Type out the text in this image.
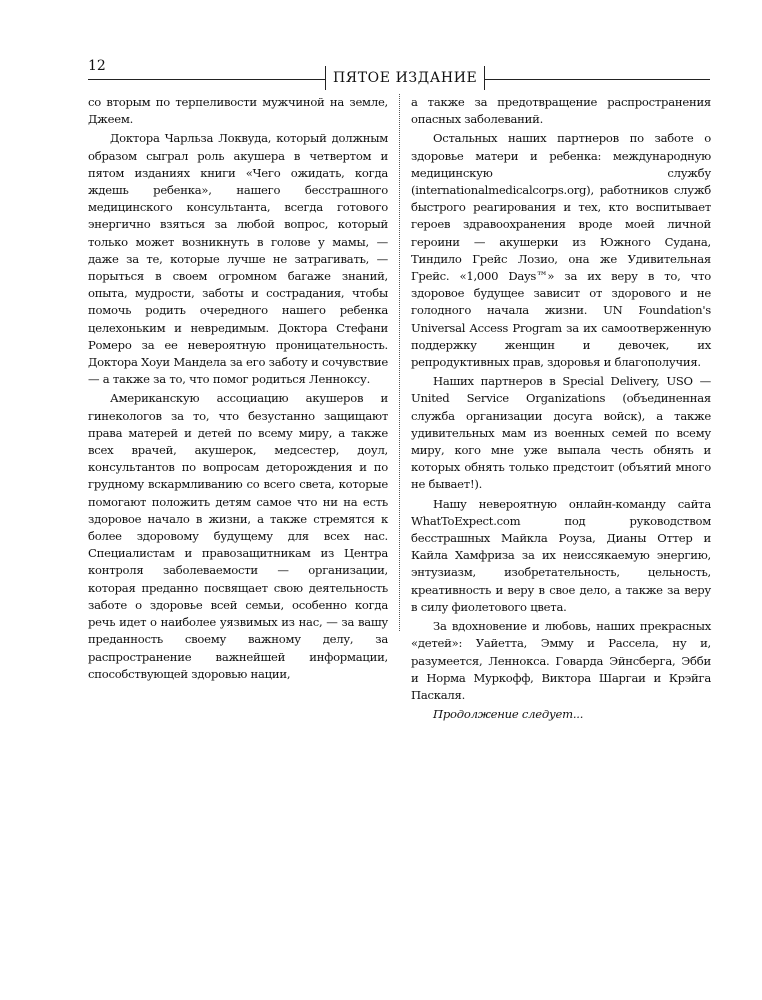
12
ПЯТОЕ ИЗДАНИЕ

со вторым по терпеливости мужчиной на земле, Джеем.

Доктора Чарльза Локвуда, который должным образом сыграл роль акушера в четвертом и пятом изданиях книги «Чего ожидать, когда ждешь ребенка», нашего бесстрашного медицинского консультанта, всегда готового энергично взяться за любой вопрос, который только может возникнуть в голове у мамы, — даже за те, которые лучше не затрагивать, — порыться в своем огромном багаже знаний, опыта, мудрости, заботы и сострадания, чтобы помочь родить очередного нашего ребенка целехоньким и невредимым. Доктора Стефани Ромеро за ее невероятную проницательность. Доктора Хоуи Мандела за его заботу и сочувствие — а также за то, что помог родиться Ленноксу.

Американскую ассоциацию акушеров и гинекологов за то, что безустанно защищают права матерей и детей по всему миру, а также всех врачей, акушерок, медсестер, доул, консультантов по вопросам деторождения и по грудному вскармливанию со всего света, которые помогают положить детям самое что ни на есть здоровое начало в жизни, а также стремятся к более здоровому будущему для всех нас. Специалистам и правозащитникам из Центра контроля заболеваемости — организации, которая преданно посвящает свою деятельность заботе о здоровье всей семьи, особенно когда речь идет о наиболее уязвимых из нас, — за вашу преданность своему важному делу, за распространение важнейшей информации, способствующей здоровью нации,

а также за предотвращение распространения опасных заболеваний.

Остальных наших партнеров по заботе о здоровье матери и ребенка: международную медицинскую службу (internationalmedicalcorps.org), работников служб быстрого реагирования и тех, кто воспитывает героев здравоохранения вроде моей личной героини — акушерки из Южного Судана, Тиндило Грейс Лозио, она же Удивительная Грейс. «1,000 Days™» за их веру в то, что здоровое будущее зависит от здорового и не голодного начала жизни. UN Foundation's Universal Access Program за их самоотверженную поддержку женщин и девочек, их репродуктивных прав, здоровья и благополучия.

Наших партнеров в Special Delivery, USO — United Service Organizations (объединенная служба организации досуга войск), а также удивительных мам из военных семей по всему миру, кого мне уже выпала честь обнять и которых обнять только предстоит (объятий много не бывает!).

Нашу невероятную онлайн-команду сайта WhatToExpect.com под руководством бесстрашных Майкла Роуза, Дианы Оттер и Кайла Хамфриза за их неиссякаемую энергию, энтузиазм, изобретательность, цельность, креативность и веру в свое дело, а также за веру в силу фиолетового цвета.

За вдохновение и любовь, наших прекрасных «детей»: Уайетта, Эмму и Рассела, ну и, разумеется, Леннокса. Говарда Эйнсберга, Эбби и Норма Муркофф, Виктора Шаргаи и Крэйга Паскаля.

Продолжение следует...
